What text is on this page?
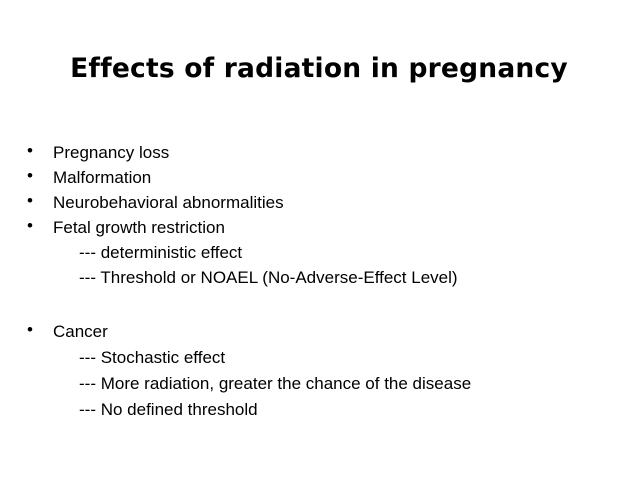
Effects of radiation in pregnancy
• Pregnancy loss
• Malformation
• Neurobehavioral abnormalities
• Fetal growth restriction
--- deterministic effect
--- Threshold or NOAEL (No-Adverse-Effect Level)
• Cancer
--- Stochastic effect
--- More radiation, greater the chance of the disease
--- No defined threshold
